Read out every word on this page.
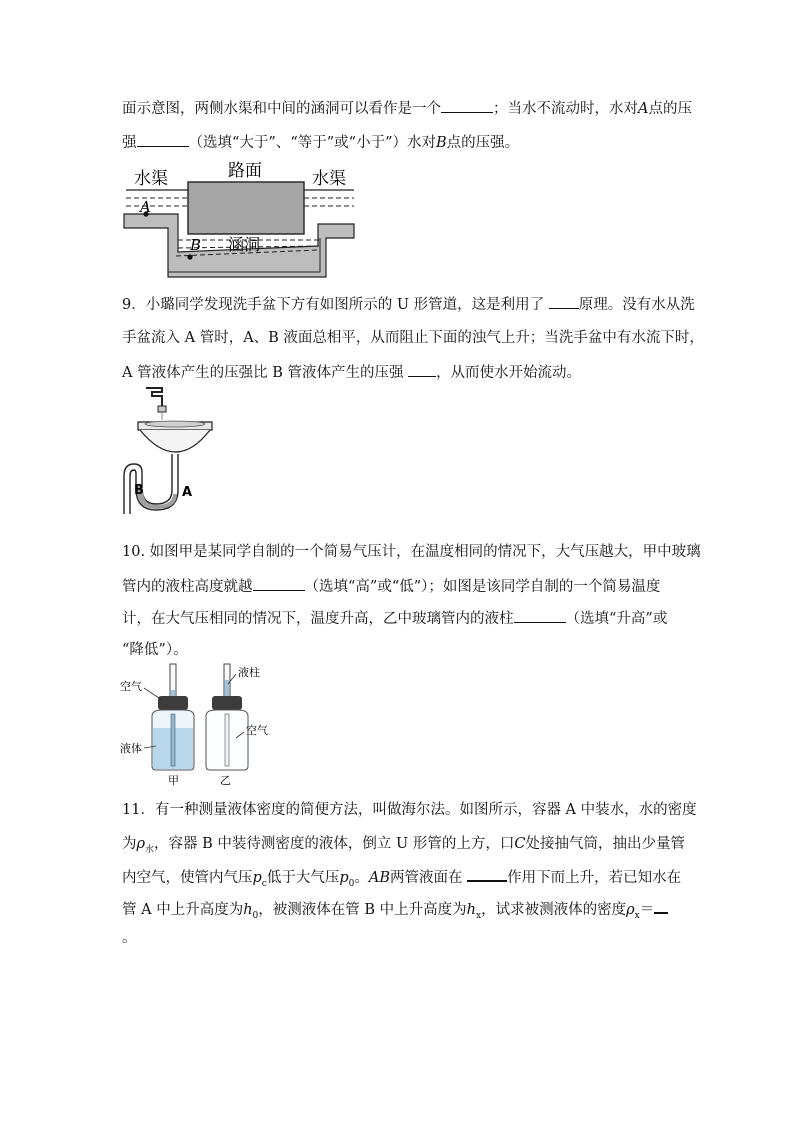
面示意图，两侧水渠和中间的涵洞可以看作是一个	；当水不流动时，水对A点的压
强	（选填“大于”、“等于”或“小于”）水对B点的压强。
路面
水渠	水渠
涵洞
A
B
9．小璐同学发现洗手盆下方有如图所示的 U 形管道，这是利用了 原理。没有水从洗
手盆流入 A 管时，A、B 液面总相平，从而阻止下面的浊气上升；当洗手盆中有水流下时，
A 管液体产生的压强比 B 管液体产生的压强 ，从而使水开始流动。
B	A
10. 如图甲是某同学自制的一个简易气压计，在温度相同的情况下，大气压越大，甲中玻璃
管内的液柱高度就越	（选填“高”或“低”）；如图是该同学自制的一个简易温度
计，在大气压相同的情况下，温度升高，乙中玻璃管内的液柱	（选填“升高”或
“降低”）。
空气
液体
液柱
空气
甲	乙
11．有一种测量液体密度的简便方法，叫做海尔法。如图所示，容器 A 中装水，水的密度
为$\rho_水$，容器 B 中装待测密度的液体，倒立 U 形管的上方，口C处接抽气筒，抽出少量管
内空气，使管内气压$p_c$低于大气压$p_0$。AB两管液面在	作用下而上升，若已知水在
管 A 中上升高度为$h_0$，被测液体在管 B 中上升高度为$h_x$，试求被测液体的密度$\rho_x=$
。
